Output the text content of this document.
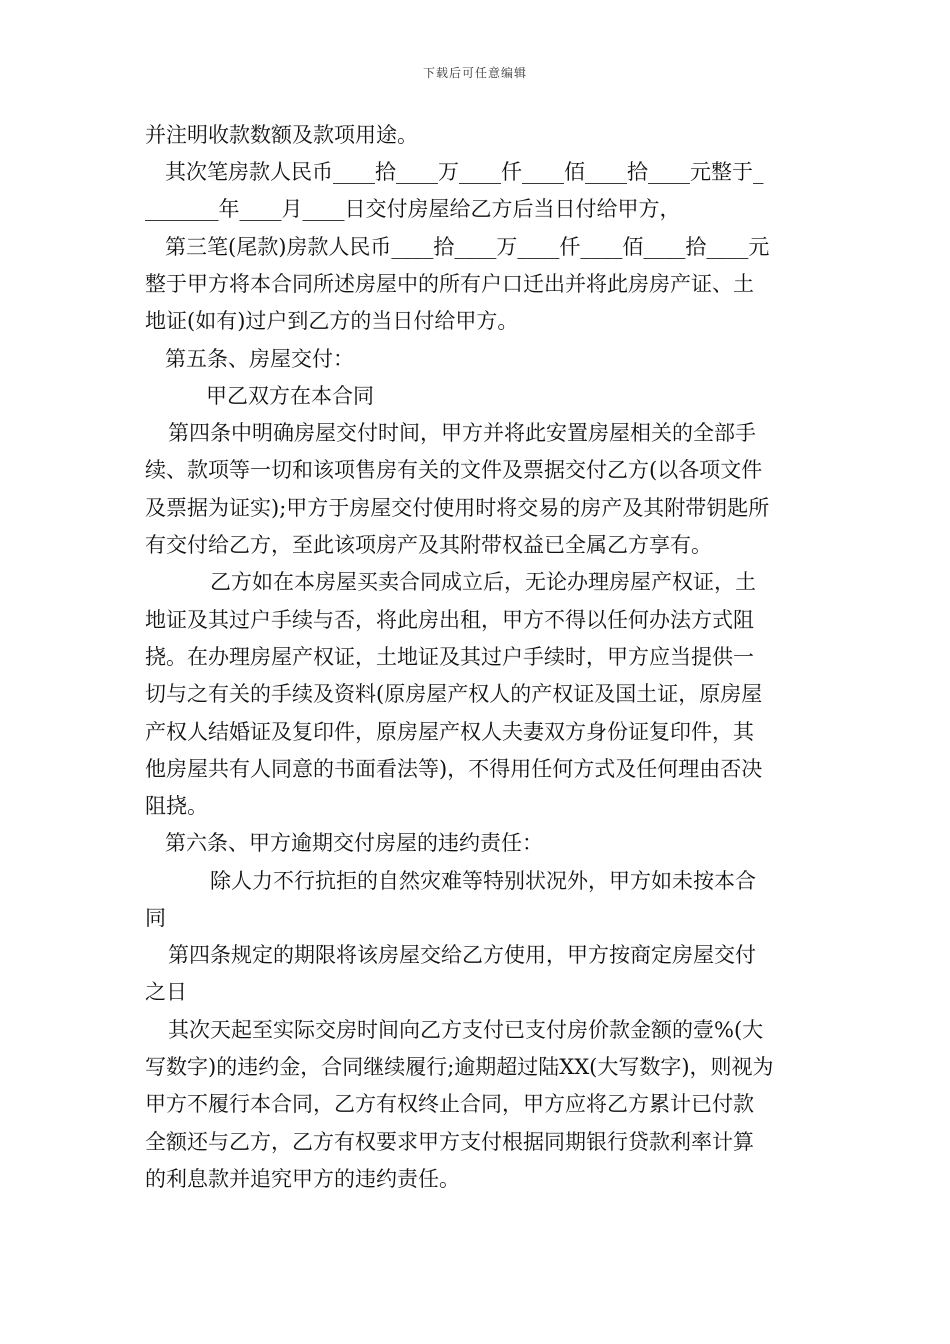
下载后可任意编辑
并注明收款数额及款项用途。
其次笔房款人民币____拾____万____仟____佰____拾____元整于_
_______年____月____日交付房屋给乙方后当日付给甲方，
第三笔(尾款)房款人民币____拾____万____仟____佰____拾____元
整于甲方将本合同所述房屋中的所有户口迁出并将此房房产证、土
地证(如有)过户到乙方的当日付给甲方。
第五条、房屋交付：
甲乙双方在本合同
第四条中明确房屋交付时间，甲方并将此安置房屋相关的全部手
续、款项等一切和该项售房有关的文件及票据交付乙方(以各项文件
及票据为证实);甲方于房屋交付使用时将交易的房产及其附带钥匙所
有交付给乙方，至此该项房产及其附带权益已全属乙方享有。
乙方如在本房屋买卖合同成立后，无论办理房屋产权证，土
地证及其过户手续与否，将此房出租，甲方不得以任何办法方式阻
挠。在办理房屋产权证，土地证及其过户手续时，甲方应当提供一
切与之有关的手续及资料(原房屋产权人的产权证及国土证，原房屋
产权人结婚证及复印件，原房屋产权人夫妻双方身份证复印件，其
他房屋共有人同意的书面看法等)，不得用任何方式及任何理由否决
阻挠。
第六条、甲方逾期交付房屋的违约责任：
除人力不行抗拒的自然灾难等特别状况外，甲方如未按本合
同
第四条规定的期限将该房屋交给乙方使用，甲方按商定房屋交付
之日
其次天起至实际交房时间向乙方支付已支付房价款金额的壹%(大
写数字)的违约金，合同继续履行;逾期超过陆XX(大写数字)，则视为
甲方不履行本合同，乙方有权终止合同，甲方应将乙方累计已付款
全额还与乙方，乙方有权要求甲方支付根据同期银行贷款利率计算
的利息款并追究甲方的违约责任。
